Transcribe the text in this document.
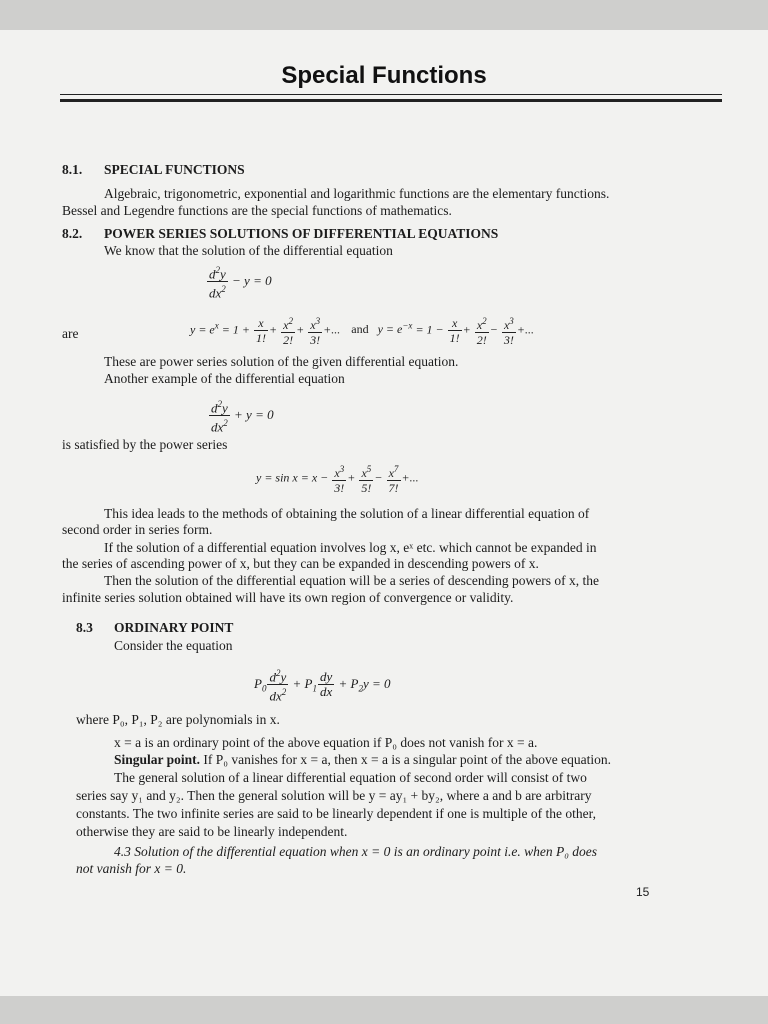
Special Functions
8.1. SPECIAL FUNCTIONS
Algebraic, trigonometric, exponential and logarithmic functions are the elementary functions.
Bessel and Legendre functions are the special functions of mathematics.
8.2. POWER SERIES SOLUTIONS OF DIFFERENTIAL EQUATIONS
We know that the solution of the differential equation
$\frac{d^2y}{dx^2} - y = 0$
are	$y = e^x = 1 + \frac{x}{1!} + \frac{x^2}{2!} + \frac{x^3}{3!}$ +... and $y = e^{-x} = 1 - \frac{x}{1!} + \frac{x^2}{2!} - \frac{x^3}{3!}$ +...
These are power series solution of the given differential equation.
Another example of the differential equation
$\frac{d^2y}{dx^2} + y = 0$
is satisfied by the power series
$y = \sin x = x - \frac{x^3}{3!} + \frac{x^5}{5!} - \frac{x^7}{7!}$ +...
This idea leads to the methods of obtaining the solution of a linear differential equation of
second order in series form.
If the solution of a differential equation involves log x, eˣ etc. which cannot be expanded in
the series of ascending power of x, but they can be expanded in descending powers of x.
Then the solution of the differential equation will be a series of descending powers of x, the
infinite series solution obtained will have its own region of convergence or validity.
8.3 ORDINARY POINT
Consider the equation
$P_0 \frac{d^2y}{dx^2} + P_1 \frac{dy}{dx} + P_2y = 0$
where P₀, P₁, P₂ are polynomials in x.
x = a is an ordinary point of the above equation if P₀ does not vanish for x = a.
Singular point. If P₀ vanishes for x = a, then x = a is a singular point of the above equation.
The general solution of a linear differential equation of second order will consist of two
series say y₁ and y₂. Then the general solution will be y = ay₁ + by₂, where a and b are arbitrary
constants. The two infinite series are said to be linearly dependent if one is multiple of the other,
otherwise they are said to be linearly independent.
4.3 Solution of the differential equation when x = 0 is an ordinary point i.e. when P₀ does
not vanish for x = 0.
15
